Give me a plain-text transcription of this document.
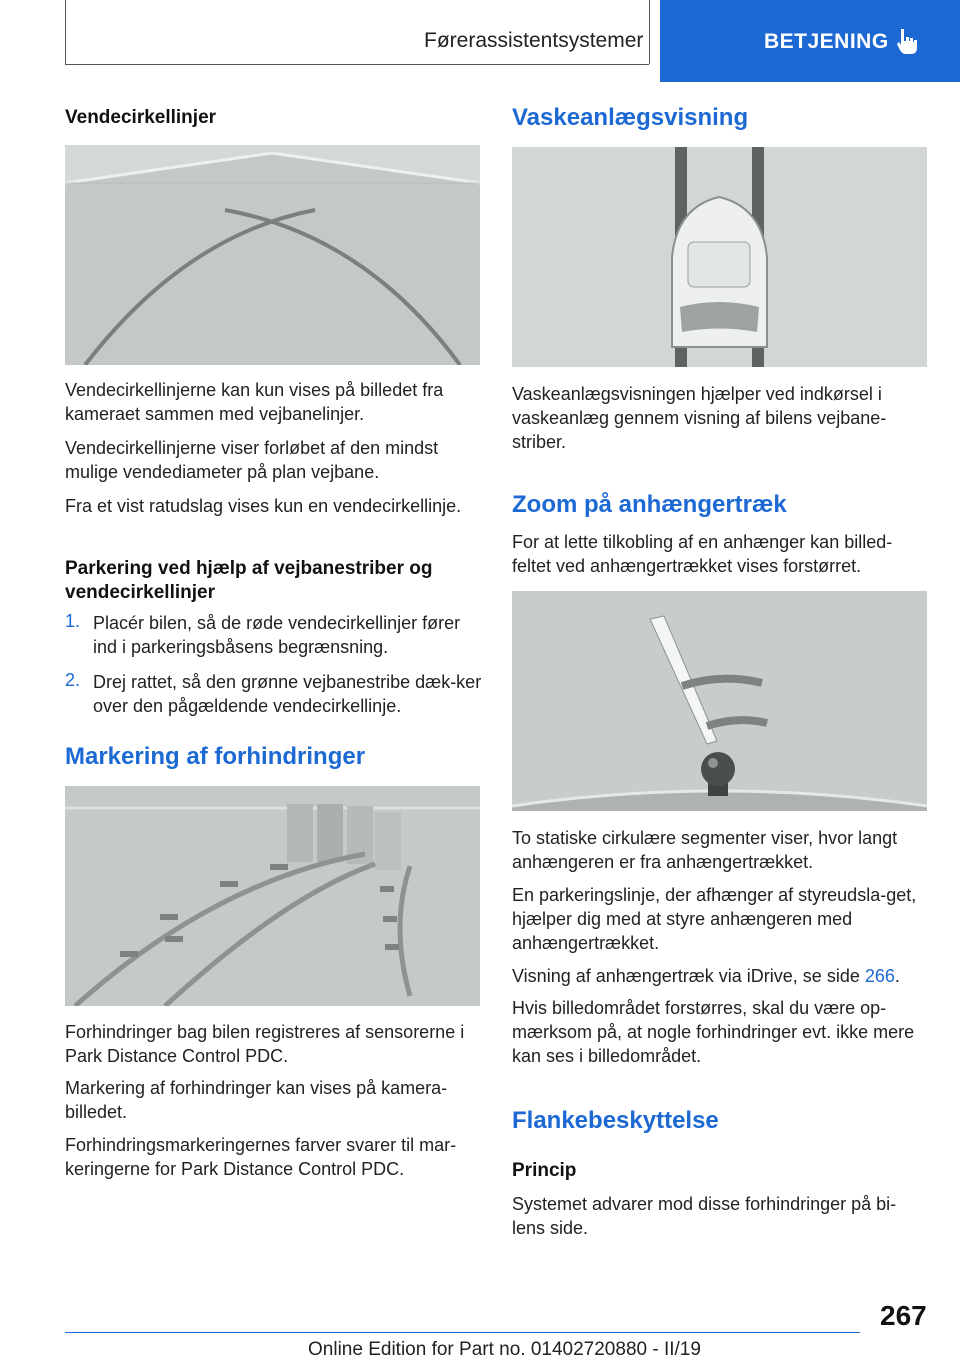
Førerassistentsystemer	BETJENING
Vendecirkellinjer
Vendecirkellinjerne kan kun vises på billedet fra kameraet sammen med vejbanelinjer.
Vendecirkellinjerne viser forløbet af den mindst mulige vendediameter på plan vejbane.
Fra et vist ratudslag vises kun en vendecirkellinje.
Parkering ved hjælp af vejbanestriber og vendecirkellinjer
1. Placér bilen, så de røde vendecirkellinjer fører ind i parkeringsbåsens begrænsning.
2. Drej rattet, så den grønne vejbanestribe dæk-ker over den pågældende vendecirkellinje.
Markering af forhindringer
Forhindringer bag bilen registreres af sensorerne i Park Distance Control PDC.
Markering af forhindringer kan vises på kamera-billedet.
Forhindringsmarkeringernes farver svarer til mar-keringerne for Park Distance Control PDC.
Vaskeanlægsvisning
Vaskeanlægsvisningen hjælper ved indkørsel i vaskeanlæg gennem visning af bilens vejbane-striber.
Zoom på anhængertræk
For at lette tilkobling af en anhænger kan billed-feltet ved anhængertrækket vises forstørret.
To statiske cirkulære segmenter viser, hvor langt anhængeren er fra anhængertrækket.
En parkeringslinje, der afhænger af styreudsla-get, hjælper dig med at styre anhængeren med anhængertrækket.
Visning af anhængertræk via iDrive, se side 266.
Hvis billedområdet forstørres, skal du være op-mærksom på, at nogle forhindringer evt. ikke mere kan ses i billedområdet.
Flankebeskyttelse
Princip
Systemet advarer mod disse forhindringer på bi-lens side.
267
Online Edition for Part no. 01402720880 - II/19
